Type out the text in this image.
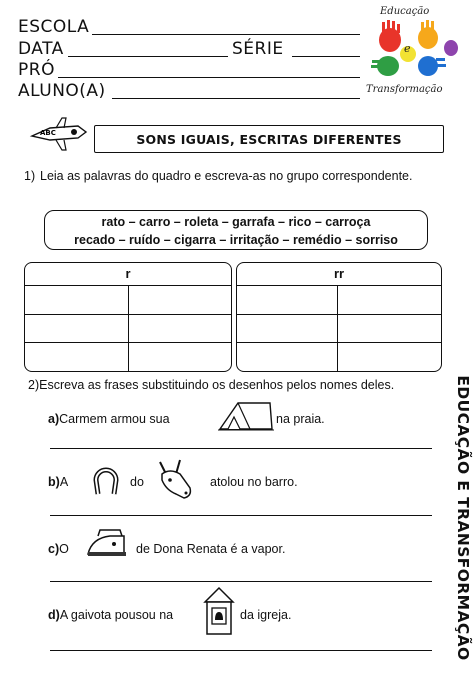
ESCOLA
DATA	SÉRIE
PRÓ
ALUNO(A)
Educação
e
Transformação
ABC	SONS IGUAIS, ESCRITAS DIFERENTES
1) Leia as palavras do quadro e escreva-as no grupo correspondente.
rato – carro – roleta – garrafa – rico – carroça
recado – ruído – cigarra – irritação – remédio – sorriso
r	rr
2)Escreva as frases substituindo os desenhos pelos nomes deles.
a)Carmem armou sua	na praia.
b)A	do	atolou no barro.
c)O	de Dona Renata é a vapor.
d)A gaivota pousou na	da igreja.	EDUCAÇÃO E TRANSFORMAÇÃO
